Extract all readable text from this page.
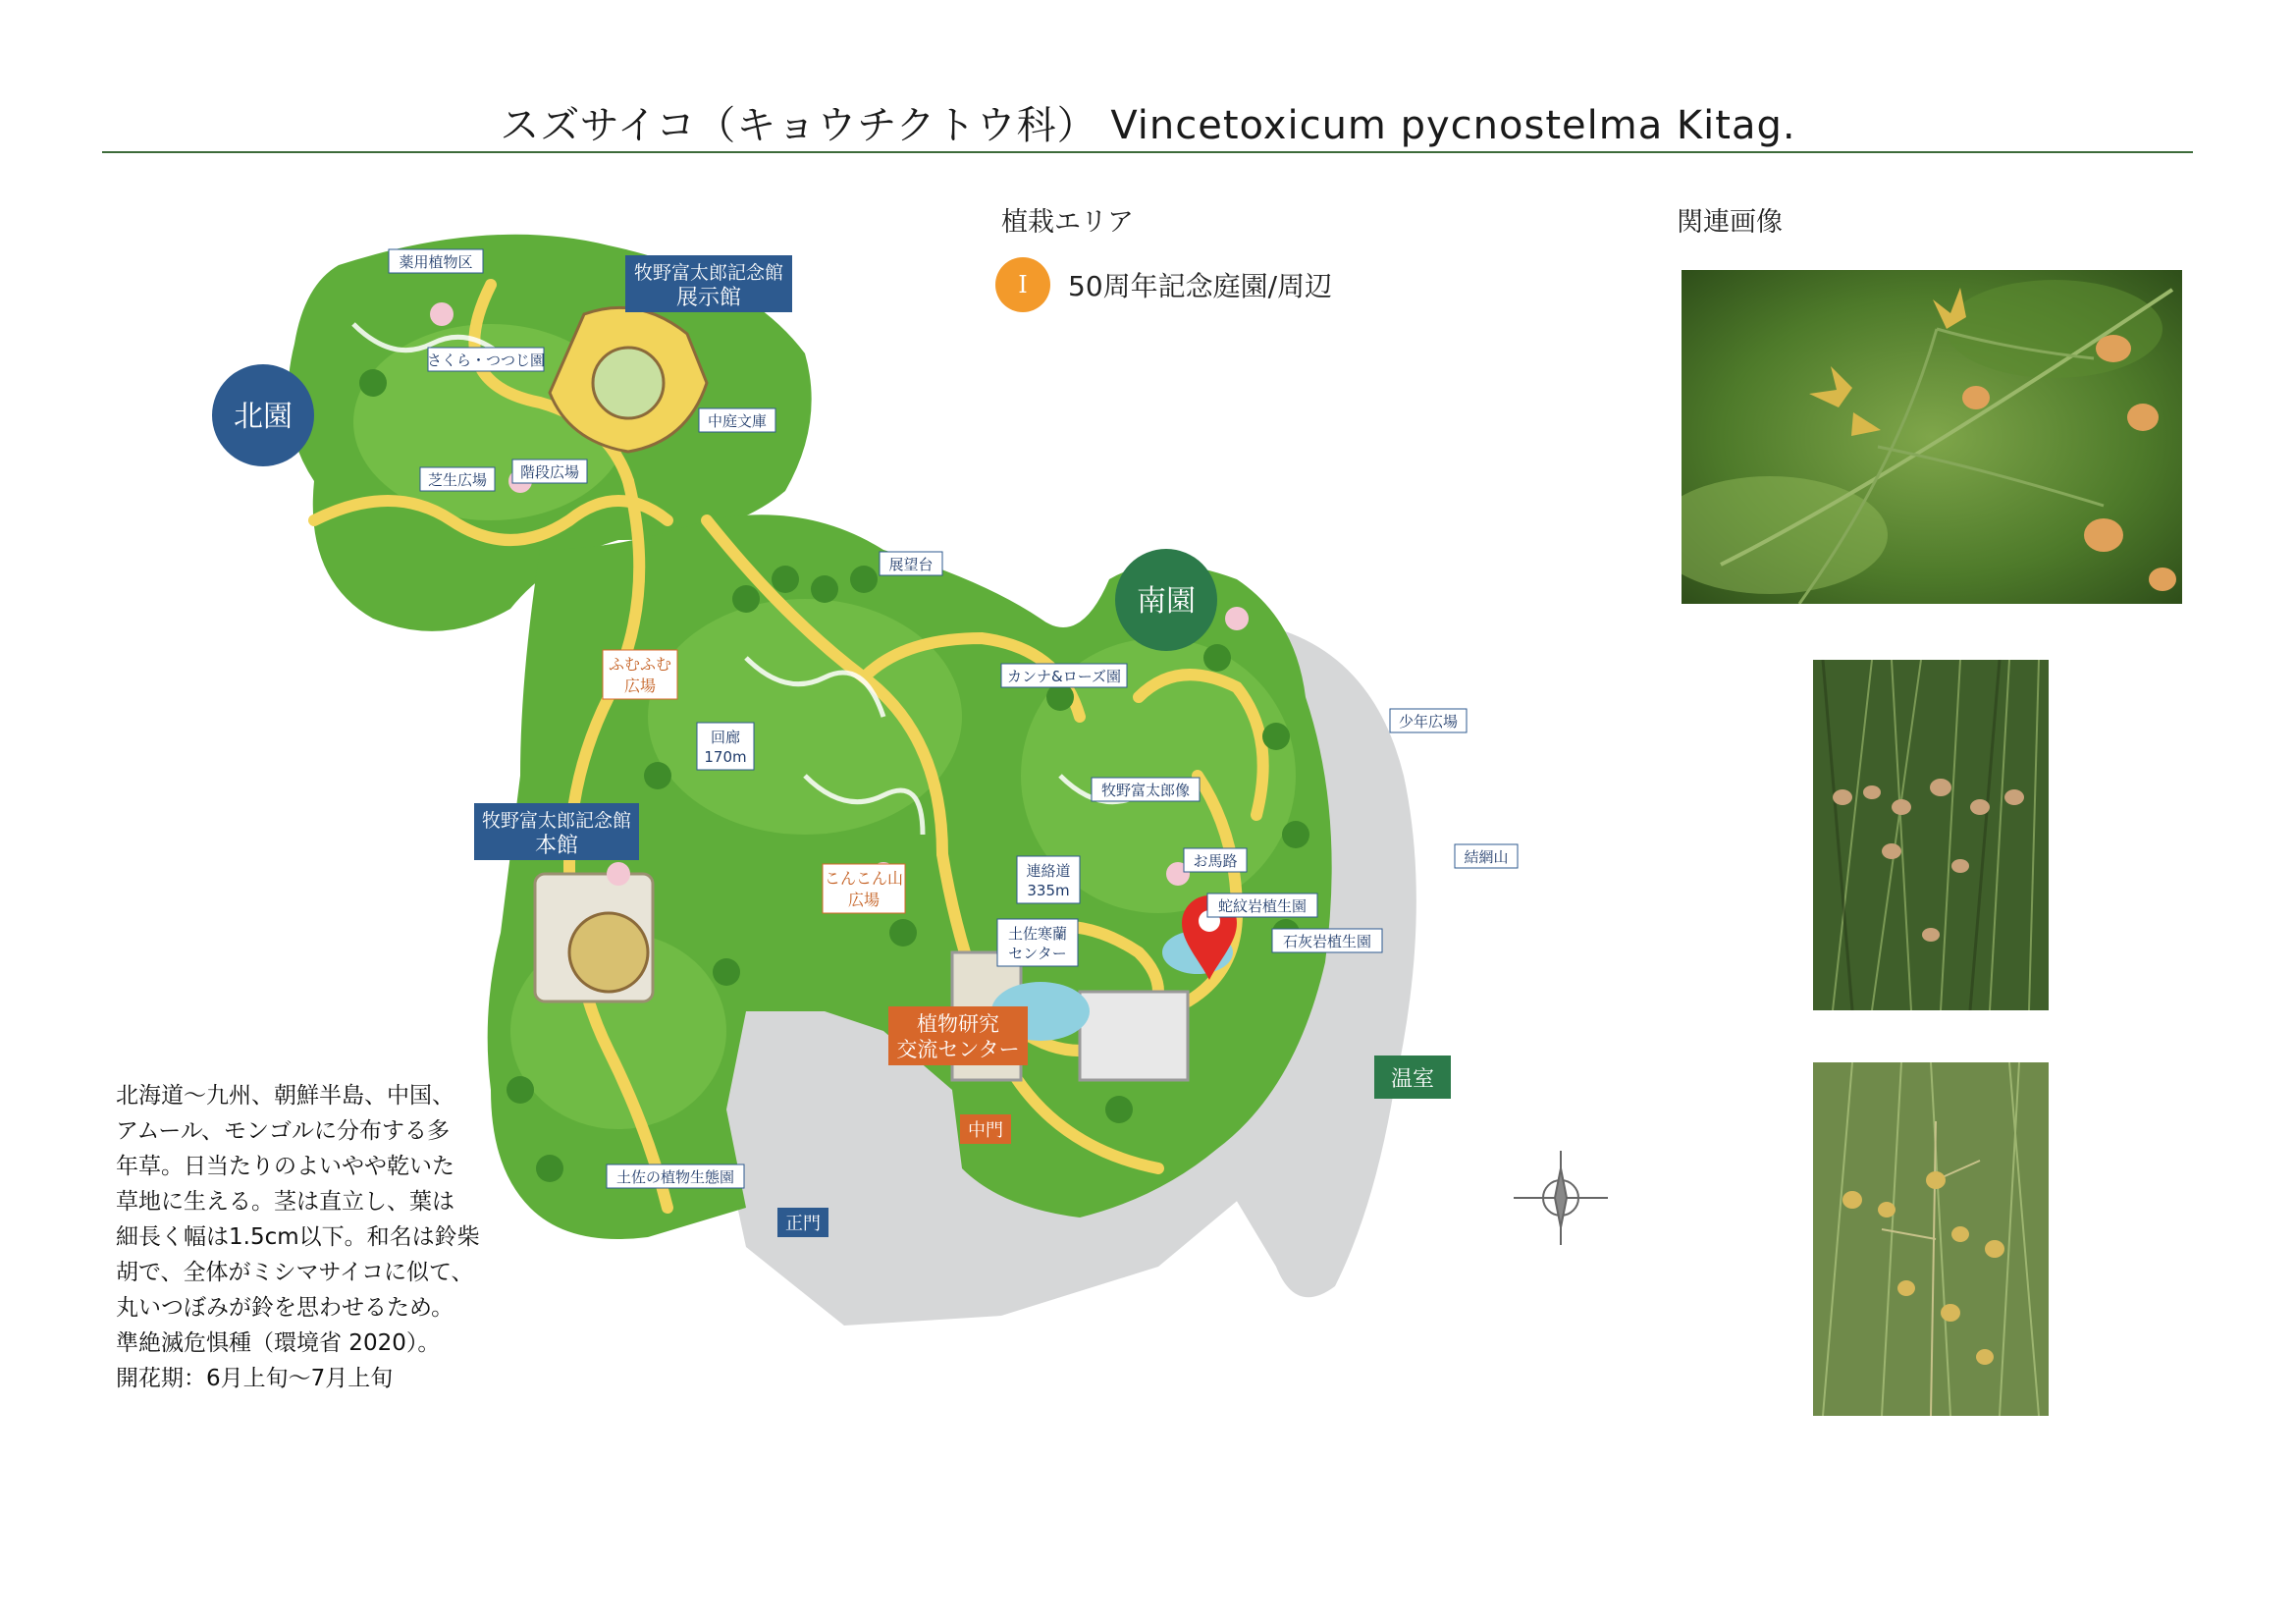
スズサイコ（キョウチクトウ科） Vincetoxicum pycnostelma Kitag.
植栽エリア
Ⅰ	50周年記念庭園/周辺
関連画像
北海道～九州、朝鮮半島、中国、
アムール、モンゴルに分布する多
年草。日当たりのよいやや乾いた
草地に生える。茎は直立し、葉は
細長く幅は1.5cm以下。和名は鈴柴
胡で、全体がミシマサイコに似て、
丸いつぼみが鈴を思わせるため。
準絶滅危惧種（環境省 2020）。
開花期：6月上旬～7月上旬
北園
南園
牧野富太郎記念館
展示館
牧野富太郎記念館
本館
植物研究
交流センター
温室
正門
中門
薬用植物区
さくら・つつじ園
中庭文庫
芝生広場 階段広場
展望台
カンナ&ローズ園
牧野富太郎像
お馬路
蛇紋岩植生園
石灰岩植生園
少年広場
結網山
土佐の植物生態園
回廊
170m
連絡道
335m
土佐寒蘭
センター
ふむふむ
広場
こんこん山
広場
